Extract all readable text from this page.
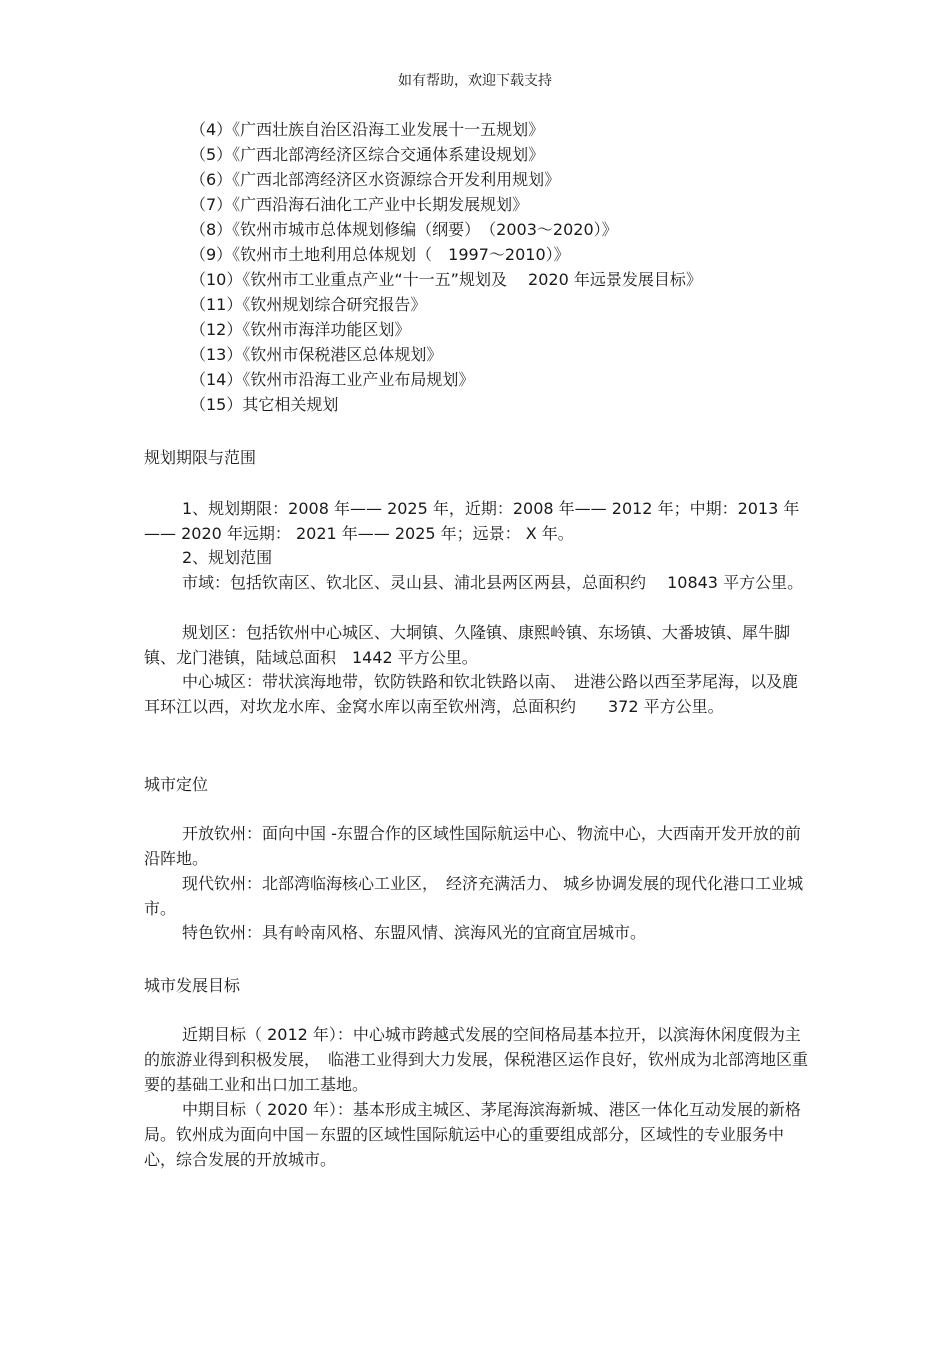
如有帮助，欢迎下载支持
（4）《广西壮族自治区沿海工业发展十一五规划》
（5）《广西北部湾经济区综合交通体系建设规划》
（6）《广西北部湾经济区水资源综合开发利用规划》
（7）《广西沿海石油化工产业中长期发展规划》
（8）《钦州市城市总体规划修编（纲要）　（2003～2020）》
（9）《钦州市土地利用总体规划（　1997～2010）》
（10）《钦州市工业重点产业“十一五”规划及　 2020 年远景发展目标》
（11）《钦州规划综合研究报告》
（12）《钦州市海洋功能区划》
（13）《钦州市保税港区总体规划》
（14）《钦州市沿海工业产业布局规划》
（15）其它相关规划
规划期限与范围

1、规划期限：2008 年—— 2025 年，近期：2008 年—— 2012 年；中期：2013 年—— 2020 年远期： 2021 年—— 2025 年；远景： X 年。

2、规划范围

市域：包括钦南区、钦北区、灵山县、浦北县两区两县，总面积约　 10843 平方公里。

规划区：包括钦州中心城区、大垌镇、久隆镇、康熙岭镇、东场镇、大番坡镇、犀牛脚镇、龙门港镇，陆域总面积　1442 平方公里。

中心城区：带状滨海地带，钦防铁路和钦北铁路以南、　进港公路以西至茅尾海，以及鹿耳环江以西，对坎龙水库、金窝水库以南至钦州湾，总面积约　　372 平方公里。

城市定位

开放钦州：面向中国 -东盟合作的区域性国际航运中心、物流中心，大西南开发开放的前沿阵地。

现代钦州：北部湾临海核心工业区，　经济充满活力、 城乡协调发展的现代化港口工业城市。

特色钦州：具有岭南风格、东盟风情、滨海风光的宜商宜居城市。

城市发展目标

近期目标（ 2012 年）：中心城市跨越式发展的空间格局基本拉开，以滨海休闲度假为主的旅游业得到积极发展，　临港工业得到大力发展，保税港区运作良好，钦州成为北部湾地区重要的基础工业和出口加工基地。

中期目标（ 2020 年）：基本形成主城区、茅尾海滨海新城、港区一体化互动发展的新格局。钦州成为面向中国－东盟的区域性国际航运中心的重要组成部分，区域性的专业服务中心，综合发展的开放城市。
